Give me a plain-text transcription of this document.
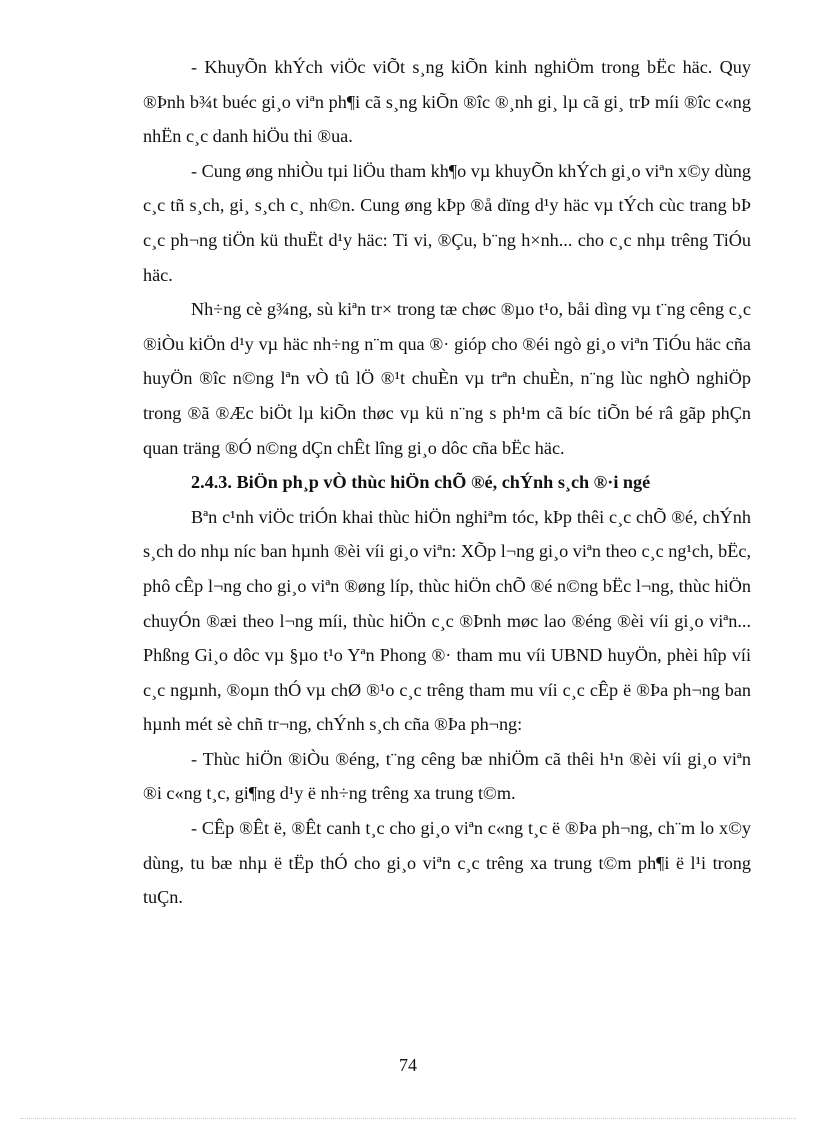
- KhuyÕn khÝch viÖc viÕt s¸ng kiÕn kinh nghiÖm trong bËc häc. Quy ®Þnh b¾t buéc gi¸o viªn ph¶i cã s¸ng kiÕn ®îc ®¸nh gi¸ lµ cã gi¸ trÞ míi ®îc c«ng nhËn c¸c danh hiÖu thi ®ua.

- Cung øng nhiÒu tµi liÖu tham kh¶o vµ khuyÕn khÝch gi¸o viªn x©y dùng c¸c tñ s¸ch, gi¸ s¸ch c¸ nh©n. Cung øng kÞp ®å dïng d¹y häc vµ tÝch cùc trang bÞ c¸c ph¬ng tiÖn kü thuËt d¹y häc: Ti vi, ®Çu, b¨ng h×nh... cho c¸c nhµ trêng TiÓu häc.

Nh÷ng cè g¾ng, sù kiªn tr× trong tæ chøc ®µo t¹o, båi dìng vµ t¨ng cêng c¸c ®iÒu kiÖn d¹y vµ häc nh÷ng n¨m qua ®· gióp cho ®éi ngò gi¸o viªn TiÓu häc cña huyÖn ®îc n©ng lªn vÒ tû lÖ ®¹t chuÈn vµ trªn chuÈn, n¨ng lùc nghÒ nghiÖp trong ®ã ®Æc biÖt lµ kiÕn thøc vµ kü n¨ng s ph¹m cã bíc tiÕn bé râ gãp phÇn quan träng ®Ó n©ng dÇn chÊt lîng gi¸o dôc cña bËc häc.

2.4.3. BiÖn ph¸p vÒ thùc hiÖn chÕ ®é, chÝnh s¸ch ®·i ngé

Bªn c¹nh viÖc triÓn khai thùc hiÖn nghiªm tóc, kÞp thêi c¸c chÕ ®é, chÝnh s¸ch do nhµ níc ban hµnh ®èi víi gi¸o viªn: XÕp l¬ng gi¸o viªn theo c¸c ng¹ch, bËc, phô cÊp l¬ng cho gi¸o viªn ®øng líp, thùc hiÖn chÕ ®é n©ng bËc l¬ng, thùc hiÖn chuyÓn ®æi theo l¬ng míi, thùc hiÖn c¸c ®Þnh møc lao ®éng ®èi víi gi¸o viªn... Phßng Gi¸o dôc vµ §µo t¹o Yªn Phong ®· tham mu víi UBND huyÖn, phèi hîp víi c¸c ngµnh, ®oµn thÓ vµ chØ ®¹o c¸c trêng tham mu víi c¸c cÊp ë ®Þa ph¬ng ban hµnh mét sè chñ tr¬ng, chÝnh s¸ch cña ®Þa ph¬ng:

- Thùc hiÖn ®iÒu ®éng, t¨ng cêng bæ nhiÖm cã thêi h¹n ®èi víi gi¸o viªn ®i c«ng t¸c, gi¶ng d¹y ë nh÷ng trêng xa trung t©m.

- CÊp ®Êt ë, ®Êt canh t¸c cho gi¸o viªn c«ng t¸c ë ®Þa ph¬ng, ch¨m lo x©y dùng, tu bæ nhµ ë tËp thÓ cho gi¸o viªn c¸c trêng xa trung t©m ph¶i ë l¹i trong tuÇn.

74
